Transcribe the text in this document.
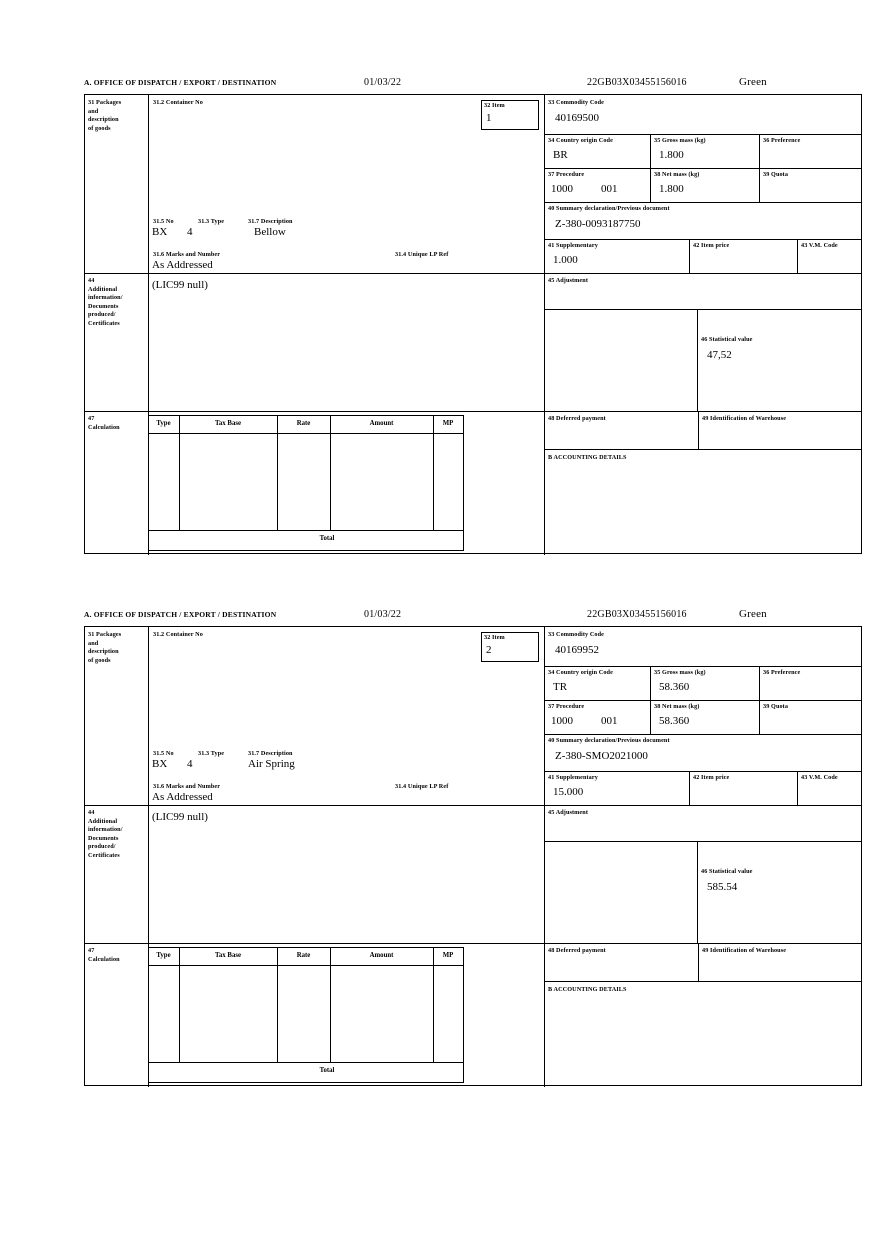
A. OFFICE OF DISPATCH / EXPORT / DESTINATION	01/03/22	22GB03X03455156016	Green
31 Packages
and
description
of goods
31.2 Container No	32 Item
1
31.5 No	31.3 Type	31.7 Description
BX 4	Bellow
31.6 Marks and Number	31.4 Unique LP Ref
As Addressed
44
Additional
information/
Documents
produced/
Certificates
(LIC99 null)
33 Commodity Code
40169500
34 Country origin Code
BR
35 Gross mass (kg)
1.800
36 Preference
37 Procedure
1000	001
38 Net mass (kg)
1.800
39 Quota
40 Summary declaration/Previous document
Z-380-0093187750
41 Supplementary
1.000
42 Item price	43 V.M. Code
45 Adjustment
46 Statistical value
47,52
47
Calculation	Type	Tax Base	Rate	Amount	MP
Total
48 Deferred payment	49 Identification of Warehouse
B ACCOUNTING DETAILS
A. OFFICE OF DISPATCH / EXPORT / DESTINATION	01/03/22	22GB03X03455156016	Green
31 Packages
and
description
of goods
31.2 Container No	32 Item
2
31.5 No	31.3 Type	31.7 Description
BX 4	Air Spring
31.6 Marks and Number	31.4 Unique LP Ref
As Addressed
44
Additional
information/
Documents
produced/
Certificates
(LIC99 null)
33 Commodity Code
40169952
34 Country origin Code
TR
35 Gross mass (kg)
58.360
36 Preference
37 Procedure
1000	001
38 Net mass (kg)
58.360
39 Quota
40 Summary declaration/Previous document
Z-380-SMO2021000
41 Supplementary
15.000
42 Item price	43 V.M. Code
45 Adjustment
46 Statistical value
585.54
47
Calculation	Type	Tax Base	Rate	Amount	MP
Total
48 Deferred payment	49 Identification of Warehouse
B ACCOUNTING DETAILS
